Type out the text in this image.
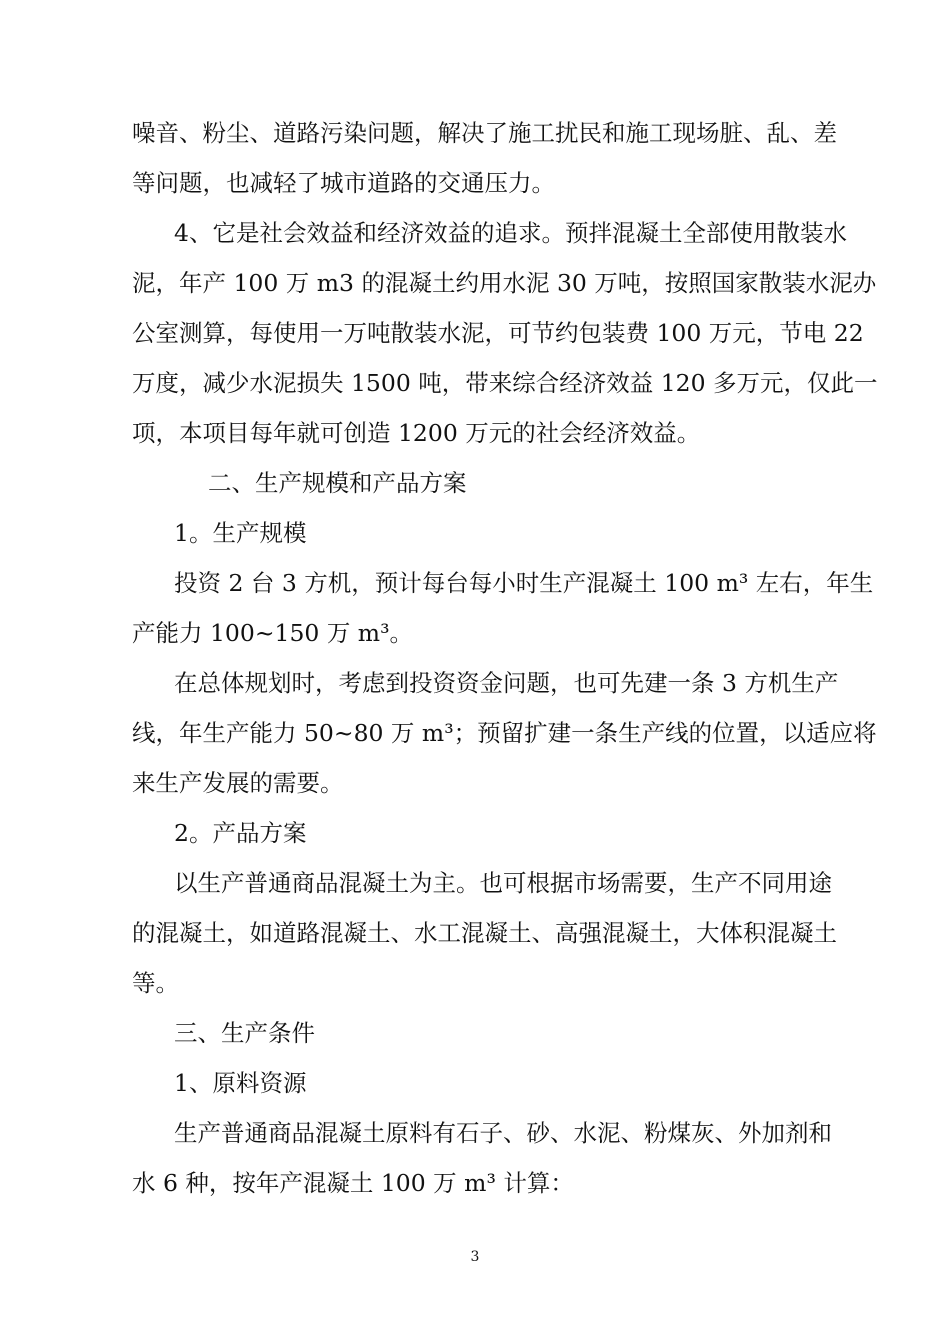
噪音、粉尘、道路污染问题，解决了施工扰民和施工现场脏、乱、差
等问题，也减轻了城市道路的交通压力。
4、它是社会效益和经济效益的追求。预拌混凝土全部使用散装水
泥，年产 100 万 m3 的混凝土约用水泥 30 万吨，按照国家散装水泥办
公室测算，每使用一万吨散装水泥，可节约包装费 100 万元，节电 22
万度，减少水泥损失 1500 吨，带来综合经济效益 120 多万元，仅此一
项，本项目每年就可创造 1200 万元的社会经济效益。
二、生产规模和产品方案
1。生产规模
投资 2 台 3 方机，预计每台每小时生产混凝土 100 m³ 左右，年生
产能力 100~150 万 m³。
在总体规划时，考虑到投资资金问题，也可先建一条 3 方机生产
线，年生产能力 50~80 万 m³；预留扩建一条生产线的位置，以适应将
来生产发展的需要。
2。产品方案
以生产普通商品混凝土为主。也可根据市场需要，生产不同用途
的混凝土，如道路混凝土、水工混凝土、高强混凝土，大体积混凝土
等。
三、生产条件
1、原料资源
生产普通商品混凝土原料有石子、砂、水泥、粉煤灰、外加剂和
水 6 种，按年产混凝土 100 万 m³ 计算：
3
